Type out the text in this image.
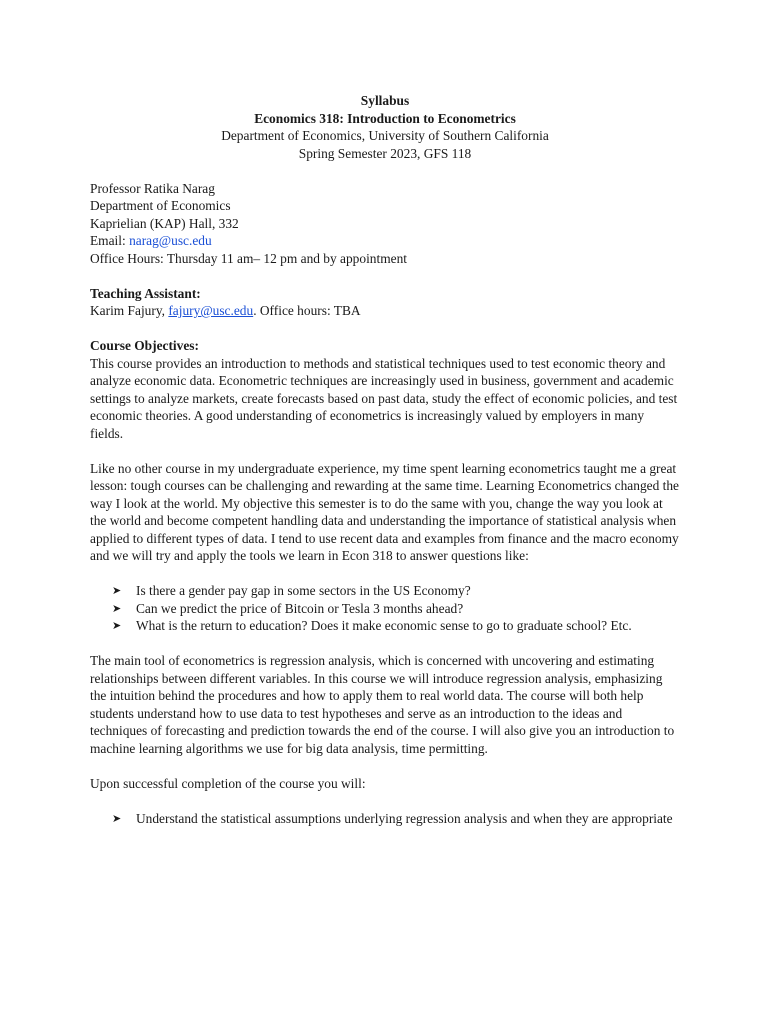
Syllabus

Economics 318: Introduction to Econometrics

Department of Economics, University of Southern California

Spring Semester 2023, GFS 118

Professor Ratika Narag

Department of Economics

Kaprielian (KAP) Hall, 332

Email: narag@usc.edu

Office Hours: Thursday 11 am– 12 pm and by appointment

Teaching Assistant:

Karim Fajury, fajury@usc.edu. Office hours: TBA

Course Objectives:

This course provides an introduction to methods and statistical techniques used to test economic theory and analyze economic data. Econometric techniques are increasingly used in business, government and academic settings to analyze markets, create forecasts based on past data, study the effect of economic policies, and test economic theories. A good understanding of econometrics is increasingly valued by employers in many fields.

Like no other course in my undergraduate experience, my time spent learning econometrics taught me a great lesson: tough courses can be challenging and rewarding at the same time. Learning Econometrics changed the way I look at the world. My objective this semester is to do the same with you, change the way you look at the world and become competent handling data and understanding the importance of statistical analysis when applied to different types of data. I tend to use recent data and examples from finance and the macro economy and we will try and apply the tools we learn in Econ 318 to answer questions like:

➤ Is there a gender pay gap in some sectors in the US Economy?
➤ Can we predict the price of Bitcoin or Tesla 3 months ahead?
➤ What is the return to education? Does it make economic sense to go to graduate school? Etc.

The main tool of econometrics is regression analysis, which is concerned with uncovering and estimating relationships between different variables. In this course we will introduce regression analysis, emphasizing the intuition behind the procedures and how to apply them to real world data. The course will both help students understand how to use data to test hypotheses and serve as an introduction to the ideas and techniques of forecasting and prediction towards the end of the course. I will also give you an introduction to machine learning algorithms we use for big data analysis, time permitting.

Upon successful completion of the course you will:

➤ Understand the statistical assumptions underlying regression analysis and when they are appropriate
